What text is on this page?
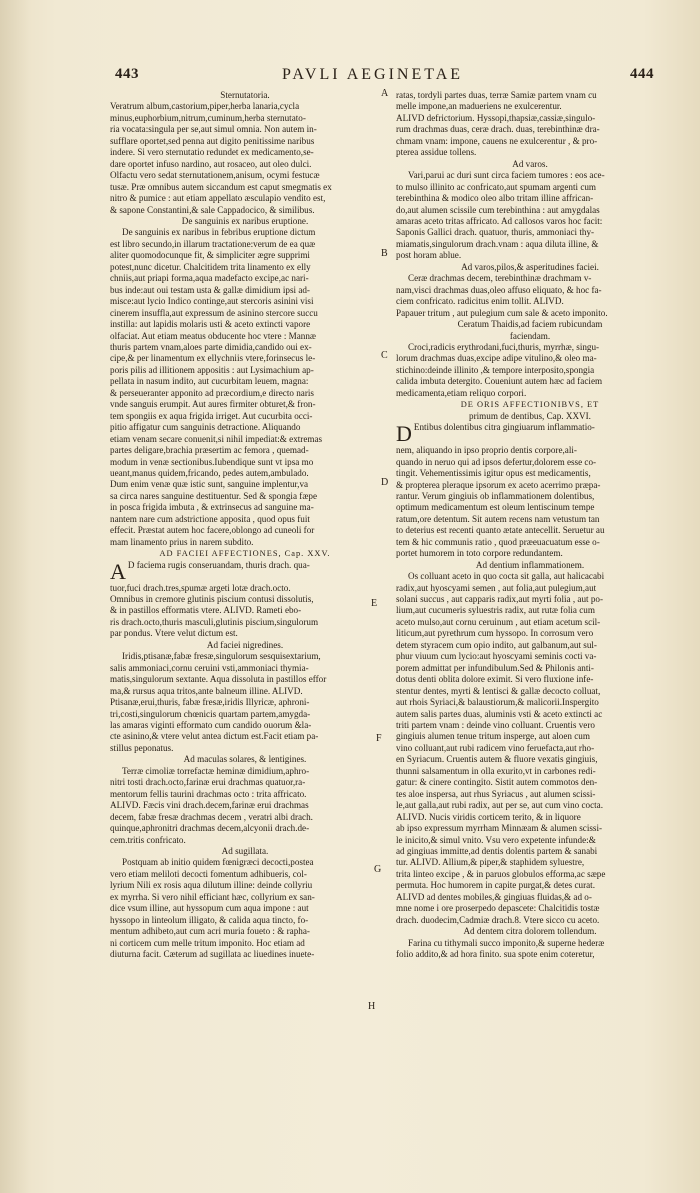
443	PAVLI AEGINETAE	444
Sternutatoria.
Veratrum album,castorium,piper,herba lanaria,cycla
minus,euphorbium,nitrum,cuminum,herba sternutato-
ria vocata:singula per se,aut simul omnia. Non autem in-
sufflare oportet,sed penna aut digito penitissime naribus
indere. Si vero sternutatio redundet ex medicamento,se-
dare oportet infuso nardino, aut rosaceo, aut oleo dulci.
Olfactu vero sedat sternutationem,anisum, ocymi festucæ
tusæ. Præ omnibus autem siccandum est caput smegmatis ex
nitro & pumice : aut etiam appellato æsculapio vendito est,
& sapone Constantini,& sale Cappadocico, & similibus.
De sanguinis ex naribus eruptione.
De sanguinis ex naribus in febribus eruptione dictum
est libro secundo,in illarum tractatione:verum de ea quæ
aliter quomodocunque fit, & simpliciter ægre supprimi
potest,nunc dicetur. Chalcitidem trita linamento ex elly
chniis,aut priapi forma,aqua madefacto excipe,ac nari-
bus inde:aut oui testam usta & gallæ dimidium ipsi ad-
misce:aut lycio Indico continge,aut stercoris asinini visi
cinerem insuffla,aut expressum de asinino stercore succu
instilla: aut lapidis molaris usti & aceto extincti vapore
olfaciat. Aut etiam meatus obducente hoc vtere : Mannæ
thuris partem vnam,aloes parte dimidia,candido oui ex-
cipe,& per linamentum ex ellychniis vtere,forinsecus le-
poris pilis ad illitionem appositis : aut Lysimachium ap-
pellata in nasum indito, aut cucurbitam leuem, magna:
& perseueranter apponito ad præcordium,e directo naris
vnde sanguis erumpit. Aut aures firmiter obturet,& fron-
tem spongiis ex aqua frigida irriget. Aut cucurbita occi-
pitio affigatur cum sanguinis detractione. Aliquando
etiam venam secare conuenit,si nihil impediat:& extremas
partes deligare,brachia præsertim ac femora , quemad-
modum in venæ sectionibus.Iubendique sunt vt ipsa mo
ueant,manus quidem,fricando, pedes autem,ambulado.
Dum enim venæ quæ istic sunt, sanguine implentur,va
sa circa nares sanguine destituentur. Sed & spongia fæpe
in posca frigida imbuta , & extrinsecus ad sanguine ma-
nantem nare cum adstrictione apposita , quod opus fuit
effecit. Præstat autem hoc facere,oblongo ad cuneoli for
mam linamento prius in narem subdito.
AD FACIEI AFFECTIONES, Cap. XXV.
A D faciema rugis conseruandam, thuris drach. qua-
tuor,fuci drach.tres,spumæ argeti lotæ drach.octo.
Omnibus in cremore glutinis piscium contusi dissolutis,
& in pastillos efformatis vtere. ALIVD. Rameti ebo-
ris drach.octo,thuris masculi,glutinis piscium,singulorum
par pondus. Vtere velut dictum est.
Ad faciei nigredines.
Iridis,ptisanæ,fabæ fresæ,singulorum sesquisextarium,
salis ammoniaci,cornu ceruini vsti,ammoniaci thymia-
matis,singulorum sextante. Aqua dissoluta in pastillos effor
ma,& rursus aqua tritos,ante balneum illine. ALIVD.
Ptisanæ,erui,thuris, fabæ fresæ,iridis Illyricæ, aphroni-
tri,costi,singulorum chœnicis quartam partem,amygda-
las amaras viginti efformato cum candido ouorum &la-
cte asinino,& vtere velut antea dictum est.Facit etiam pa-
stillus peponatus.
Ad maculas solares, & lentigines.
Terræ cimoliæ torrefactæ heminæ dimidium,aphro-
nitri tosti drach.octo,farinæ erui drachmas quatuor,ra-
mentorum fellis taurini drachmas octo : trita affricato.
ALIVD. Fæcis vini drach.decem,farinæ erui drachmas
decem, fabæ fresæ drachmas decem , veratri albi drach.
quinque,aphronitri drachmas decem,alcyonii drach.de-
cem.tritis confricato.
Ad sugillata.
Postquam ab initio quidem fœnigræci decocti,postea
vero etiam meliloti decocti fomentum adhibueris, col-
lyrium Nili ex rosis aqua dilutum illine: deinde collyriu
ex myrrha. Si vero nihil efficiant hæc, collyrium ex san-
dice vsum illine, aut hyssopum cum aqua impone : aut
hyssopo in linteolum illigato, & calida aqua tincto, fo-
mentum adhibeto,aut cum acri muria foueto : & rapha-
ni corticem cum melle tritum imponito. Hoc etiam ad
diuturna facit. Cæterum ad sugillata ac liuedines inuete-
ratas, tordyli partes duas, terræ Samiæ partem vnam cu
melle impone,an madueriens ne exulcerentur.
ALIVD defrictorium. Hyssopi,thapsiæ,cassiæ,singulo-
rum drachmas duas, ceræ drach. duas, terebinthinæ dra-
chmam vnam: impone, cauens ne exulcerentur , & pro-
pterea assidue tollens.
Ad varos.
Vari,parui ac duri sunt circa faciem tumores : eos ace-
to mulso illinito ac confricato,aut spumam argenti cum
terebinthina & modico oleo albo tritam illine affrican-
do,aut alumen scissile cum terebinthina : aut amygdalas
amaras aceto tritas affricato. Ad callosos varos hoc facit:
Saponis Gallici drach. quatuor, thuris, ammoniaci thy-
miamatis,singulorum drach.vnam : aqua diluta illine, &
post horam ablue.
Ad varos,pilos,& asperitudines faciei.
Ceræ drachmas decem, terebinthinæ drachmam v-
nam,visci drachmas duas,oleo affuso eliquato, & hoc fa-
ciem confricato. radicitus enim tollit. ALIVD.
Papauer tritum , aut pulegium cum sale & aceto imponito.
Ceratum Thaidis,ad faciem rubicundam
faciendam.
Croci,radicis erythrodani,fuci,thuris, myrrhæ, singu-
lorum drachmas duas,excipe adipe vitulino,& oleo ma-
stichino:deinde illinito ,& tempore interposito,spongia
calida imbuta detergito. Coueniunt autem hæc ad faciem
medicamenta,etiam reliquo corpori.
DE ORIS AFFECTIONIBVS, ET
primum de dentibus, Cap. XXVI.
D Entibus dolentibus citra gingiuarum inflammatio-
nem, aliquando in ipso proprio dentis corpore,ali-
quando in neruo qui ad ipsos defertur,dolorem esse co-
tingit. Vehementissimis igitur opus est medicamentis,
& propterea pleraque ipsorum ex aceto acerrimo præpa-
rantur. Verum gingiuis ob inflammationem dolentibus,
optimum medicamentum est oleum lentiscinum tempe
ratum,ore detentum. Sit autem recens nam vetustum tan
to deterius est recenti quanto ætate antecellit. Seruetur au
tem & hic communis ratio , quod præeuacuatum esse o-
portet humorem in toto corpore redundantem.
Ad dentium inflammationem.
Os colluant aceto in quo cocta sit galla, aut halicacabi
radix,aut hyoscyami semen , aut folia,aut pulegium,aut
solani succus , aut capparis radix,aut myrti folia , aut po-
lium,aut cucumeris syluestris radix, aut rutæ folia cum
aceto mulso,aut cornu ceruinum , aut etiam acetum scil-
liticum,aut pyrethrum cum hyssopo. In corrosum vero
detem styracem cum opio indito, aut galbanum,aut sul-
phur viuum cum lycio:aut hyoscyami seminis cocti va-
porem admittat per infundibulum.Sed & Philonis anti-
dotus denti oblita dolore eximit. Si vero fluxione infe-
stentur dentes, myrti & lentisci & gallæ decocto colluat,
aut rhois Syriaci,& balaustiorum,& malicorii.Inspergito
autem salis partes duas, aluminis vsti & aceto extincti ac
triti partem vnam : deinde vino colluant. Cruentis vero
gingiuis alumen tenue tritum insperge, aut aloen cum
vino colluant,aut rubi radicem vino feruefacta,aut rho-
en Syriacum. Cruentis autem & fluore vexatis gingiuis,
thunni salsamentum in olla exurito,vt in carbones redi-
gatur: & cinere contingito. Sistit autem commotos den-
tes aloe inspersa, aut rhus Syriacus , aut alumen scissi-
le,aut galla,aut rubi radix, aut per se, aut cum vino cocta.
ALIVD. Nucis viridis corticem terito, & in liquore
ab ipso expressum myrrham Minnæam & alumen scissi-
le inicito,& simul vnito. Vsu vero expetente infunde:&
ad gingiuas immitte,ad dentis dolentis partem & sanabi
tur. ALIVD. Allium,& piper,& staphidem syluestre,
trita linteo excipe , & in paruos globulos efforma,ac sæpe
permuta. Hoc humorem in capite purgat,& detes curat.
ALIVD ad dentes mobiles,& gingiuas fluidas,& ad o-
mne nome i ore proserpedo depascete: Chalcitidis tostæ
drach. duodecim,Cadmiæ drach.8. Vtere sicco cu aceto.
Ad dentem citra dolorem tollendum.
Farina cu tithymali succo imponito,& superne hederæ
folio addito,& ad hora finito. sua spote enim coteretur,
A
B
C
D
E
F
G
H
